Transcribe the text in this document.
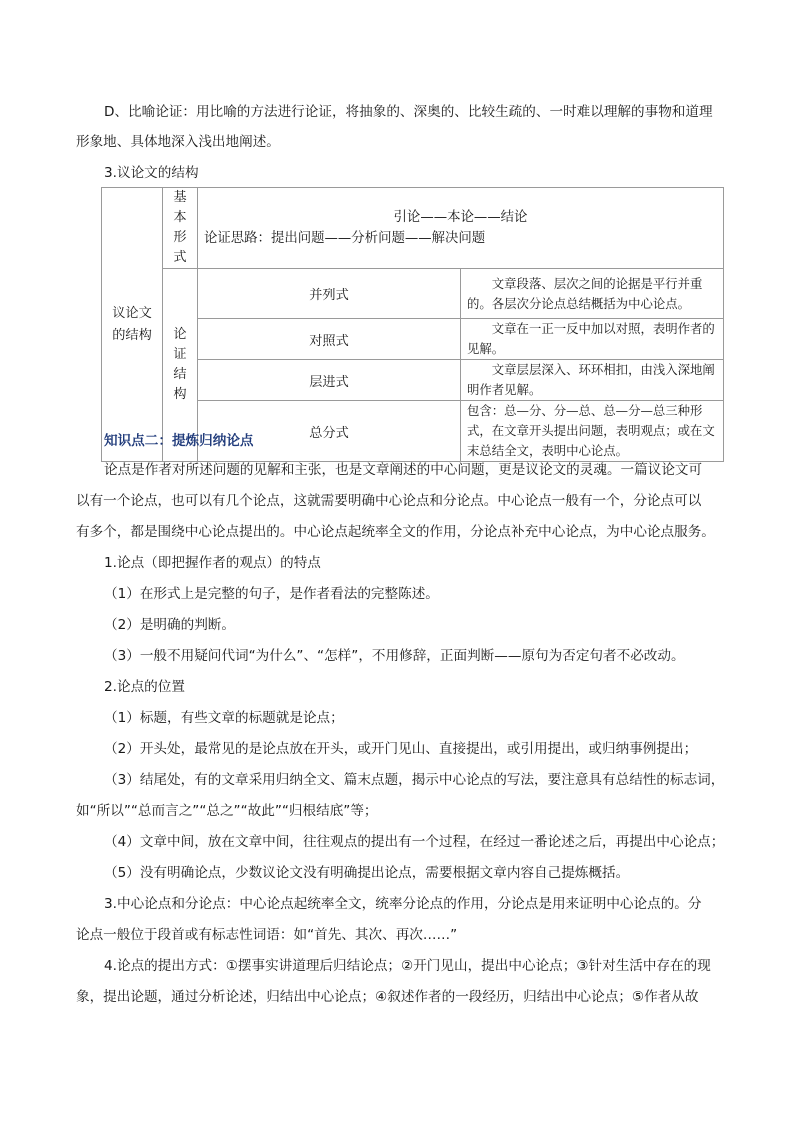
D、比喻论证：用比喻的方法进行论证，将抽象的、深奥的、比较生疏的、一时难以理解的事物和道理
形象地、具体地深入浅出地阐述。
3.议论文的结构
议论文
的结构	基本
形式	引论——本论——结论
论证思路：提出问题——分析问题——解决问题	

	论证
结构	并列式	　　文章段落、层次之间的论据是平行并重的。各层次分论点总结概括为中心论点。
		对照式	　　文章在一正一反中加以对照，表明作者的见解。
		层进式	　　文章层层深入、环环相扣，由浅入深地阐明作者见解。
		总分式	包含：总—分、分—总、总—分—总三种形式，在文章开头提出问题，表明观点；或在文末总结全文，表明中心论点。
知识点二：提炼归纳论点
论点是作者对所述问题的见解和主张，也是文章阐述的中心问题，更是议论文的灵魂。一篇议论文可
以有一个论点，也可以有几个论点，这就需要明确中心论点和分论点。中心论点一般有一个，分论点可以
有多个，都是围绕中心论点提出的。中心论点起统率全文的作用，分论点补充中心论点，为中心论点服务。
1.论点（即把握作者的观点）的特点
（1）在形式上是完整的句子，是作者看法的完整陈述。
（2）是明确的判断。
（3）一般不用疑问代词“为什么”、“怎样”，不用修辞，正面判断——原句为否定句者不必改动。
2.论点的位置
（1）标题，有些文章的标题就是论点；
（2）开头处，最常见的是论点放在开头，或开门见山、直接提出，或引用提出，或归纳事例提出；
（3）结尾处，有的文章采用归纳全文、篇末点题，揭示中心论点的写法，要注意具有总结性的标志词，
如“所以”“总而言之”“总之”“故此”“归根结底”等；
（4）文章中间，放在文章中间，往往观点的提出有一个过程，在经过一番论述之后，再提出中心论点；
（5）没有明确论点，少数议论文没有明确提出论点，需要根据文章内容自己提炼概括。
3.中心论点和分论点：中心论点起统率全文，统率分论点的作用，分论点是用来证明中心论点的。分
论点一般位于段首或有标志性词语：如“首先、其次、再次……”
4.论点的提出方式：①摆事实讲道理后归结论点；②开门见山，提出中心论点；③针对生活中存在的现
象，提出论题，通过分析论述，归结出中心论点；④叙述作者的一段经历，归结出中心论点；⑤作者从故
